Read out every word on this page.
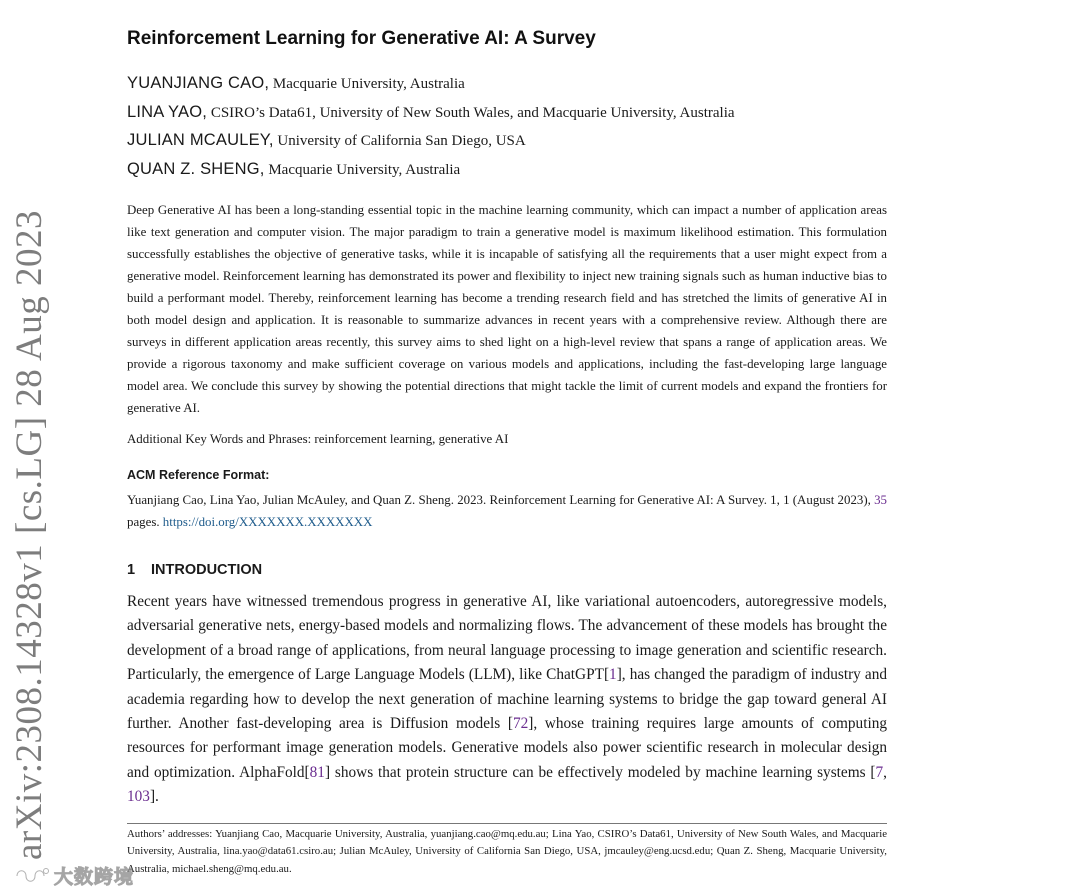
arXiv:2308.14328v1 [cs.LG] 28 Aug 2023
Reinforcement Learning for Generative AI: A Survey
YUANJIANG CAO, Macquarie University, Australia
LINA YAO, CSIRO’s Data61, University of New South Wales, and Macquarie University, Australia
JULIAN MCAULEY, University of California San Diego, USA
QUAN Z. SHENG, Macquarie University, Australia

Deep Generative AI has been a long-standing essential topic in the machine learning community, which can impact a number of application areas like text generation and computer vision. The major paradigm to train a generative model is maximum likelihood estimation. This formulation successfully establishes the objective of generative tasks, while it is incapable of satisfying all the requirements that a user might expect from a generative model. Reinforcement learning has demonstrated its power and flexibility to inject new training signals such as human inductive bias to build a performant model. Thereby, reinforcement learning has become a trending research field and has stretched the limits of generative AI in both model design and application. It is reasonable to summarize advances in recent years with a comprehensive review. Although there are surveys in different application areas recently, this survey aims to shed light on a high-level review that spans a range of application areas. We provide a rigorous taxonomy and make sufficient coverage on various models and applications, including the fast-developing large language model area. We conclude this survey by showing the potential directions that might tackle the limit of current models and expand the frontiers for generative AI.

Additional Key Words and Phrases: reinforcement learning, generative AI

ACM Reference Format:

Yuanjiang Cao, Lina Yao, Julian McAuley, and Quan Z. Sheng. 2023. Reinforcement Learning for Generative AI: A Survey. 1, 1 (August 2023), 35 pages. https://doi.org/XXXXXXX.XXXXXXX

1 INTRODUCTION

Recent years have witnessed tremendous progress in generative AI, like variational autoencoders, autoregressive models, adversarial generative nets, energy-based models and normalizing flows. The advancement of these models has brought the development of a broad range of applications, from neural language processing to image generation and scientific research. Particularly, the emergence of Large Language Models (LLM), like ChatGPT[1], has changed the paradigm of industry and academia regarding how to develop the next generation of machine learning systems to bridge the gap toward general AI further. Another fast-developing area is Diffusion models [72], whose training requires large amounts of computing resources for performant image generation models. Generative models also power scientific research in molecular design and optimization. AlphaFold[81] shows that protein structure can be effectively modeled by machine learning systems [7, 103].

Authors’ addresses: Yuanjiang Cao, Macquarie University, Australia, yuanjiang.cao@mq.edu.au; Lina Yao, CSIRO’s Data61, University of New South Wales, and Macquarie University, Australia, lina.yao@data61.csiro.au; Julian McAuley, University of California San Diego, USA, jmcauley@eng.ucsd.edu; Quan Z. Sheng, Macquarie University, Australia, michael.sheng@mq.edu.au.

大数跨境
